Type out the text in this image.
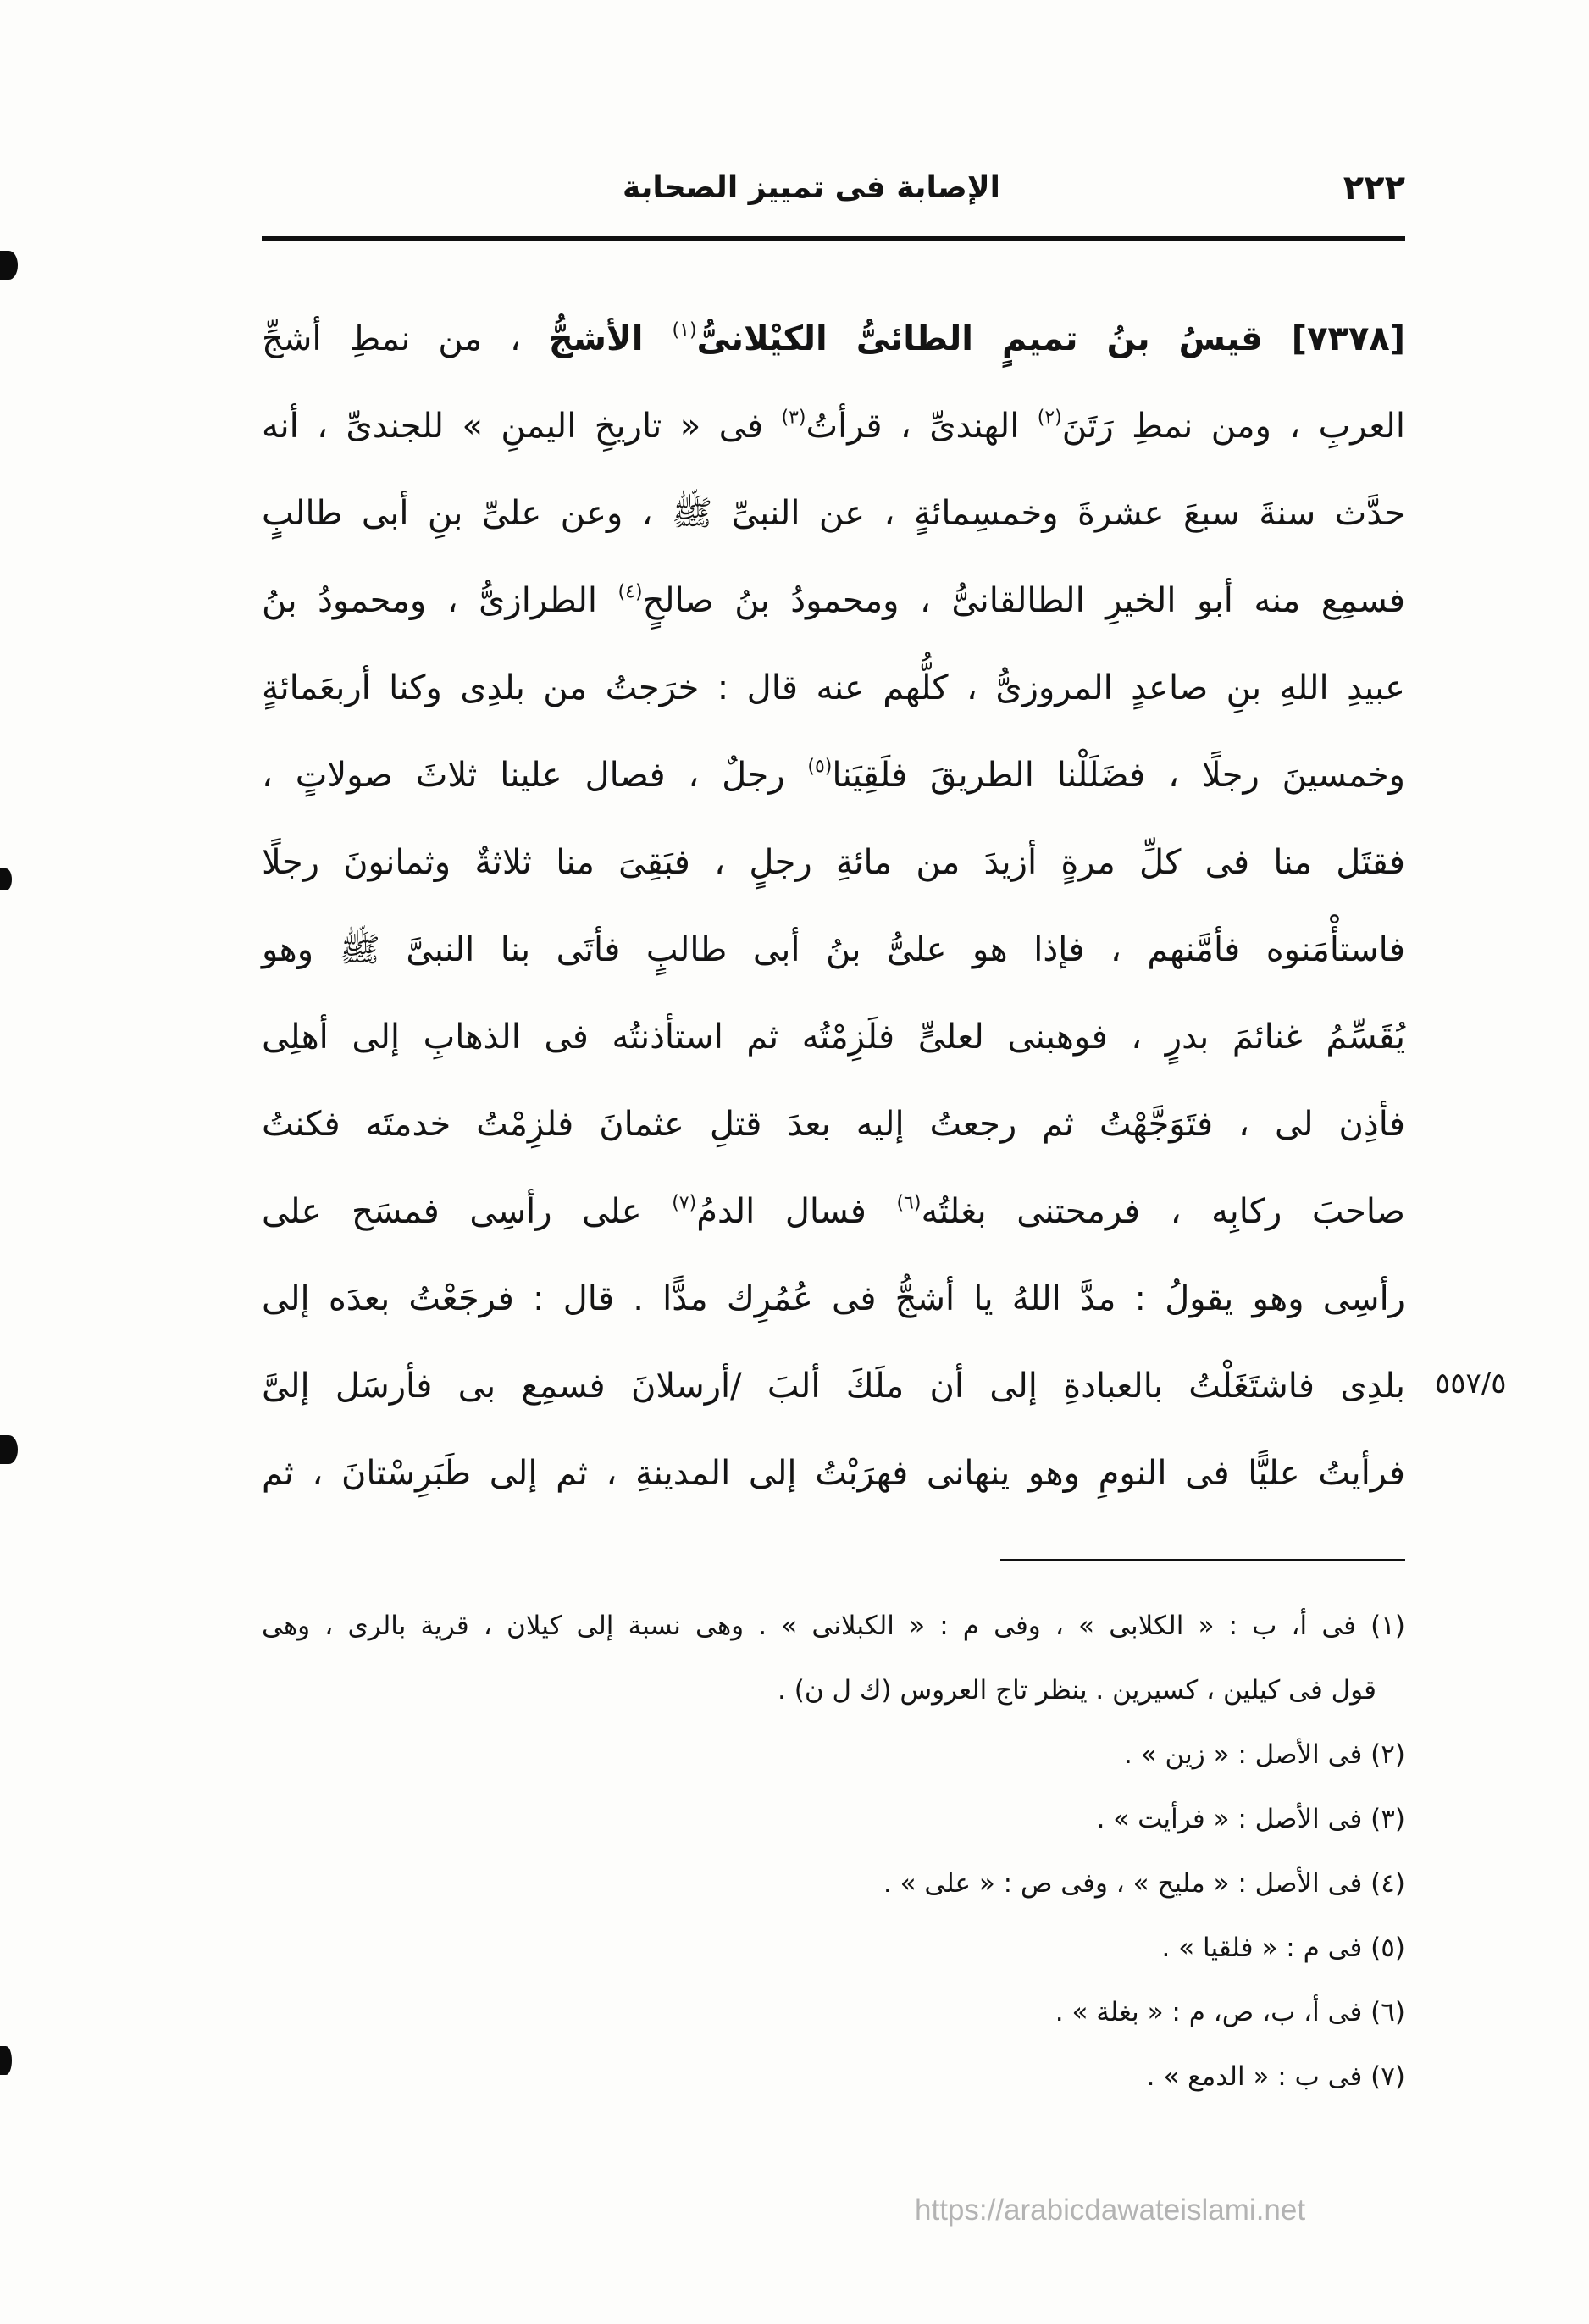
٢٢٢
الإصابة فى تمييز الصحابة
[٧٣٧٨] قيسُ بنُ تميمٍ الطائىُّ الكيْلانىُّ$^{(١)}$ الأشجُّ ، من نمطِ أشجِّ
العربِ ، ومن نمطِ رَتَنَ$^{(٢)}$ الهندىِّ ، قرأتُ$^{(٣)}$ فى « تاريخِ اليمنِ » للجندىِّ ، أنه
حدَّث سنةَ سبعَ عشرةَ وخمسِمائةٍ ، عن النبىِّ ﷺ ، وعن علىِّ بنِ أبى طالبٍ
فسمِع منه أبو الخيرِ الطالقانىُّ ، ومحمودُ بنُ صالحٍ$^{(٤)}$ الطرازىُّ ، ومحمودُ بنُ
عبيدِ اللهِ بنِ صاعدٍ المروزىُّ ، كلُّهم عنه قال : خرَجتُ من بلدِى وكنا أربعَمائةٍ
وخمسينَ رجلًا ، فضَلَلْنا الطريقَ فلَقِيَنا$^{(٥)}$ رجلٌ ، فصال علينا ثلاثَ صولاتٍ ،
فقتَل منا فى كلِّ مرةٍ أزيدَ من مائةِ رجلٍ ، فبَقِىَ منا ثلاثةٌ وثمانونَ رجلًا
فاستأْمَنوه فأمَّنهم ، فإذا هو علىُّ بنُ أبى طالبٍ فأتَى بنا النبىَّ ﷺ وهو
يُقَسِّمُ غنائمَ بدرٍ ، فوهبنى لعلىٍّ فلَزِمْتُه ثم استأذنتُه فى الذهابِ إلى أهلِى
فأذِن لى ، فتَوَجَّهْتُ ثم رجعتُ إليه بعدَ قتلِ عثمانَ فلزِمْتُ خدمتَه فكنتُ
صاحبَ ركابِه ، فرمحتنى بغلتُه$^{(٦)}$ فسال الدمُ$^{(٧)}$ على رأسِى فمسَح على
رأسِى وهو يقولُ : مدَّ اللهُ يا أشجُّ فى عُمُرِك مدًّا . قال : فرجَعْتُ بعدَه إلى
بلدِى فاشتَغَلْتُ بالعبادةِ إلى أن ملَكَ ألبَ /أرسلانَ فسمِع بى فأرسَل إلىَّ
فرأيتُ عليًّا فى النومِ وهو ينهانى فهرَبْتُ إلى المدينةِ ، ثم إلى طَبَرِسْتانَ ، ثم
٥٥٧/٥
(١) فى أ، ب : « الكلابى » ، وفى م : « الكبلانى » . وهى نسبة إلى كيلان ، قرية بالرى ، وهى
قول فى كيلين ، كسيرين . ينظر تاج العروس (ك ل ن) .
(٢) فى الأصل : « زين » .
(٣) فى الأصل : « فرأيت » .
(٤) فى الأصل : « مليح » ، وفى ص : « على » .
(٥) فى م : « فلقيا » .
(٦) فى أ، ب، ص، م : « بغلة » .
(٧) فى ب : « الدمع » .
https://arabicdawateislami.net
